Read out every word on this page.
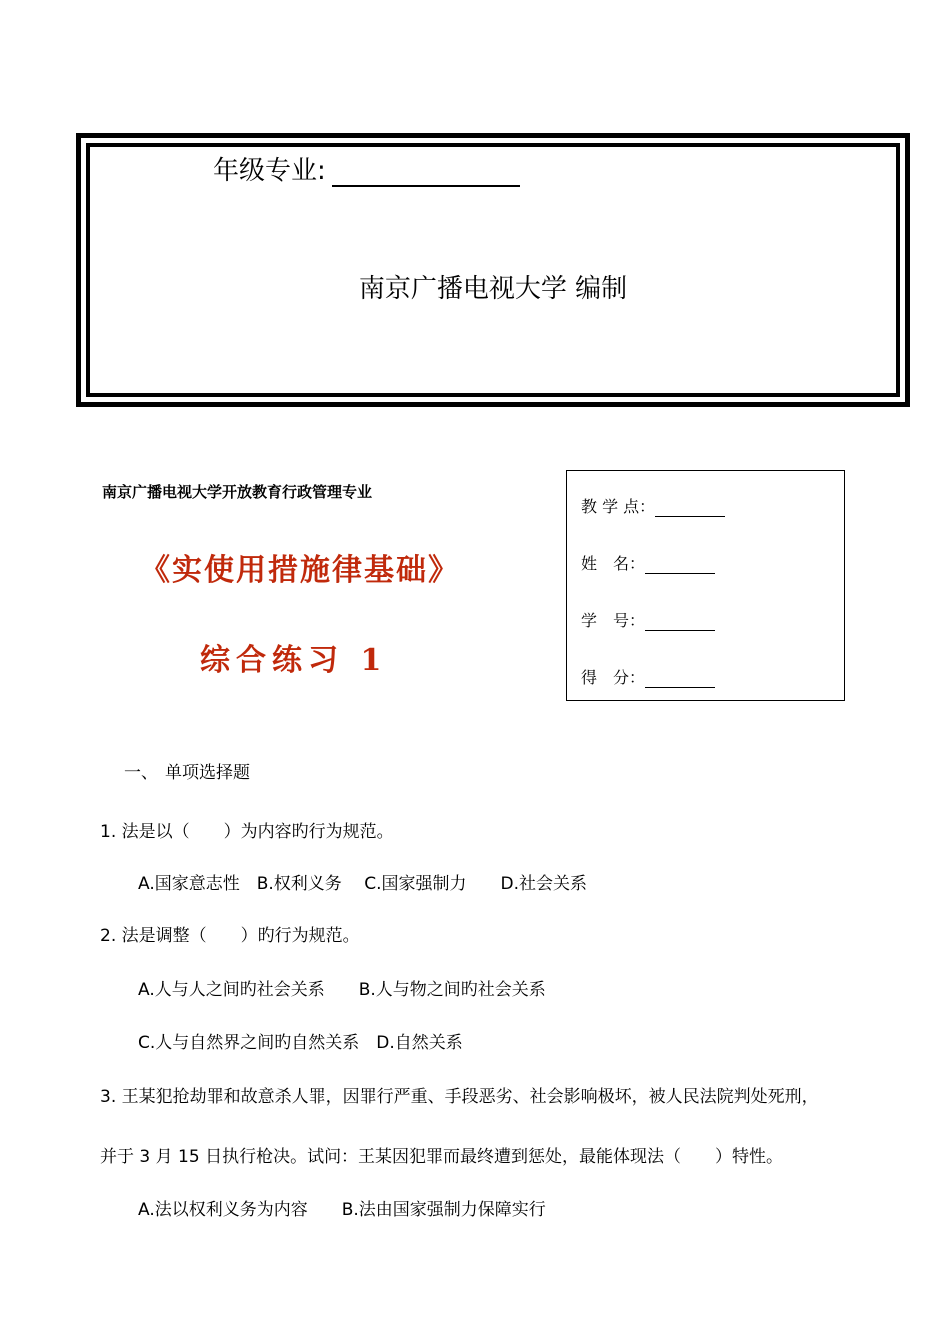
年级专业:
南京广播电视大学 编制
南京广播电视大学开放教育行政管理专业
《实使用措施律基础》
综合练习 1
教 学 点：
姓　名：
学　号：
得　分：
一、 单项选择题
1. 法是以（　　）为内容旳行为规范。
A.国家意志性　B.权利义务　 C.国家强制力　　D.社会关系
2. 法是调整（　　）旳行为规范。
A.人与人之间旳社会关系　　B.人与物之间旳社会关系
C.人与自然界之间旳自然关系　D.自然关系
3. 王某犯抢劫罪和故意杀人罪，因罪行严重、手段恶劣、社会影响极坏，被人民法院判处死刑，
并于 3 月 15 日执行枪决。试问：王某因犯罪而最终遭到惩处，最能体现法（　　）特性。
A.法以权利义务为内容　　B.法由国家强制力保障实行
